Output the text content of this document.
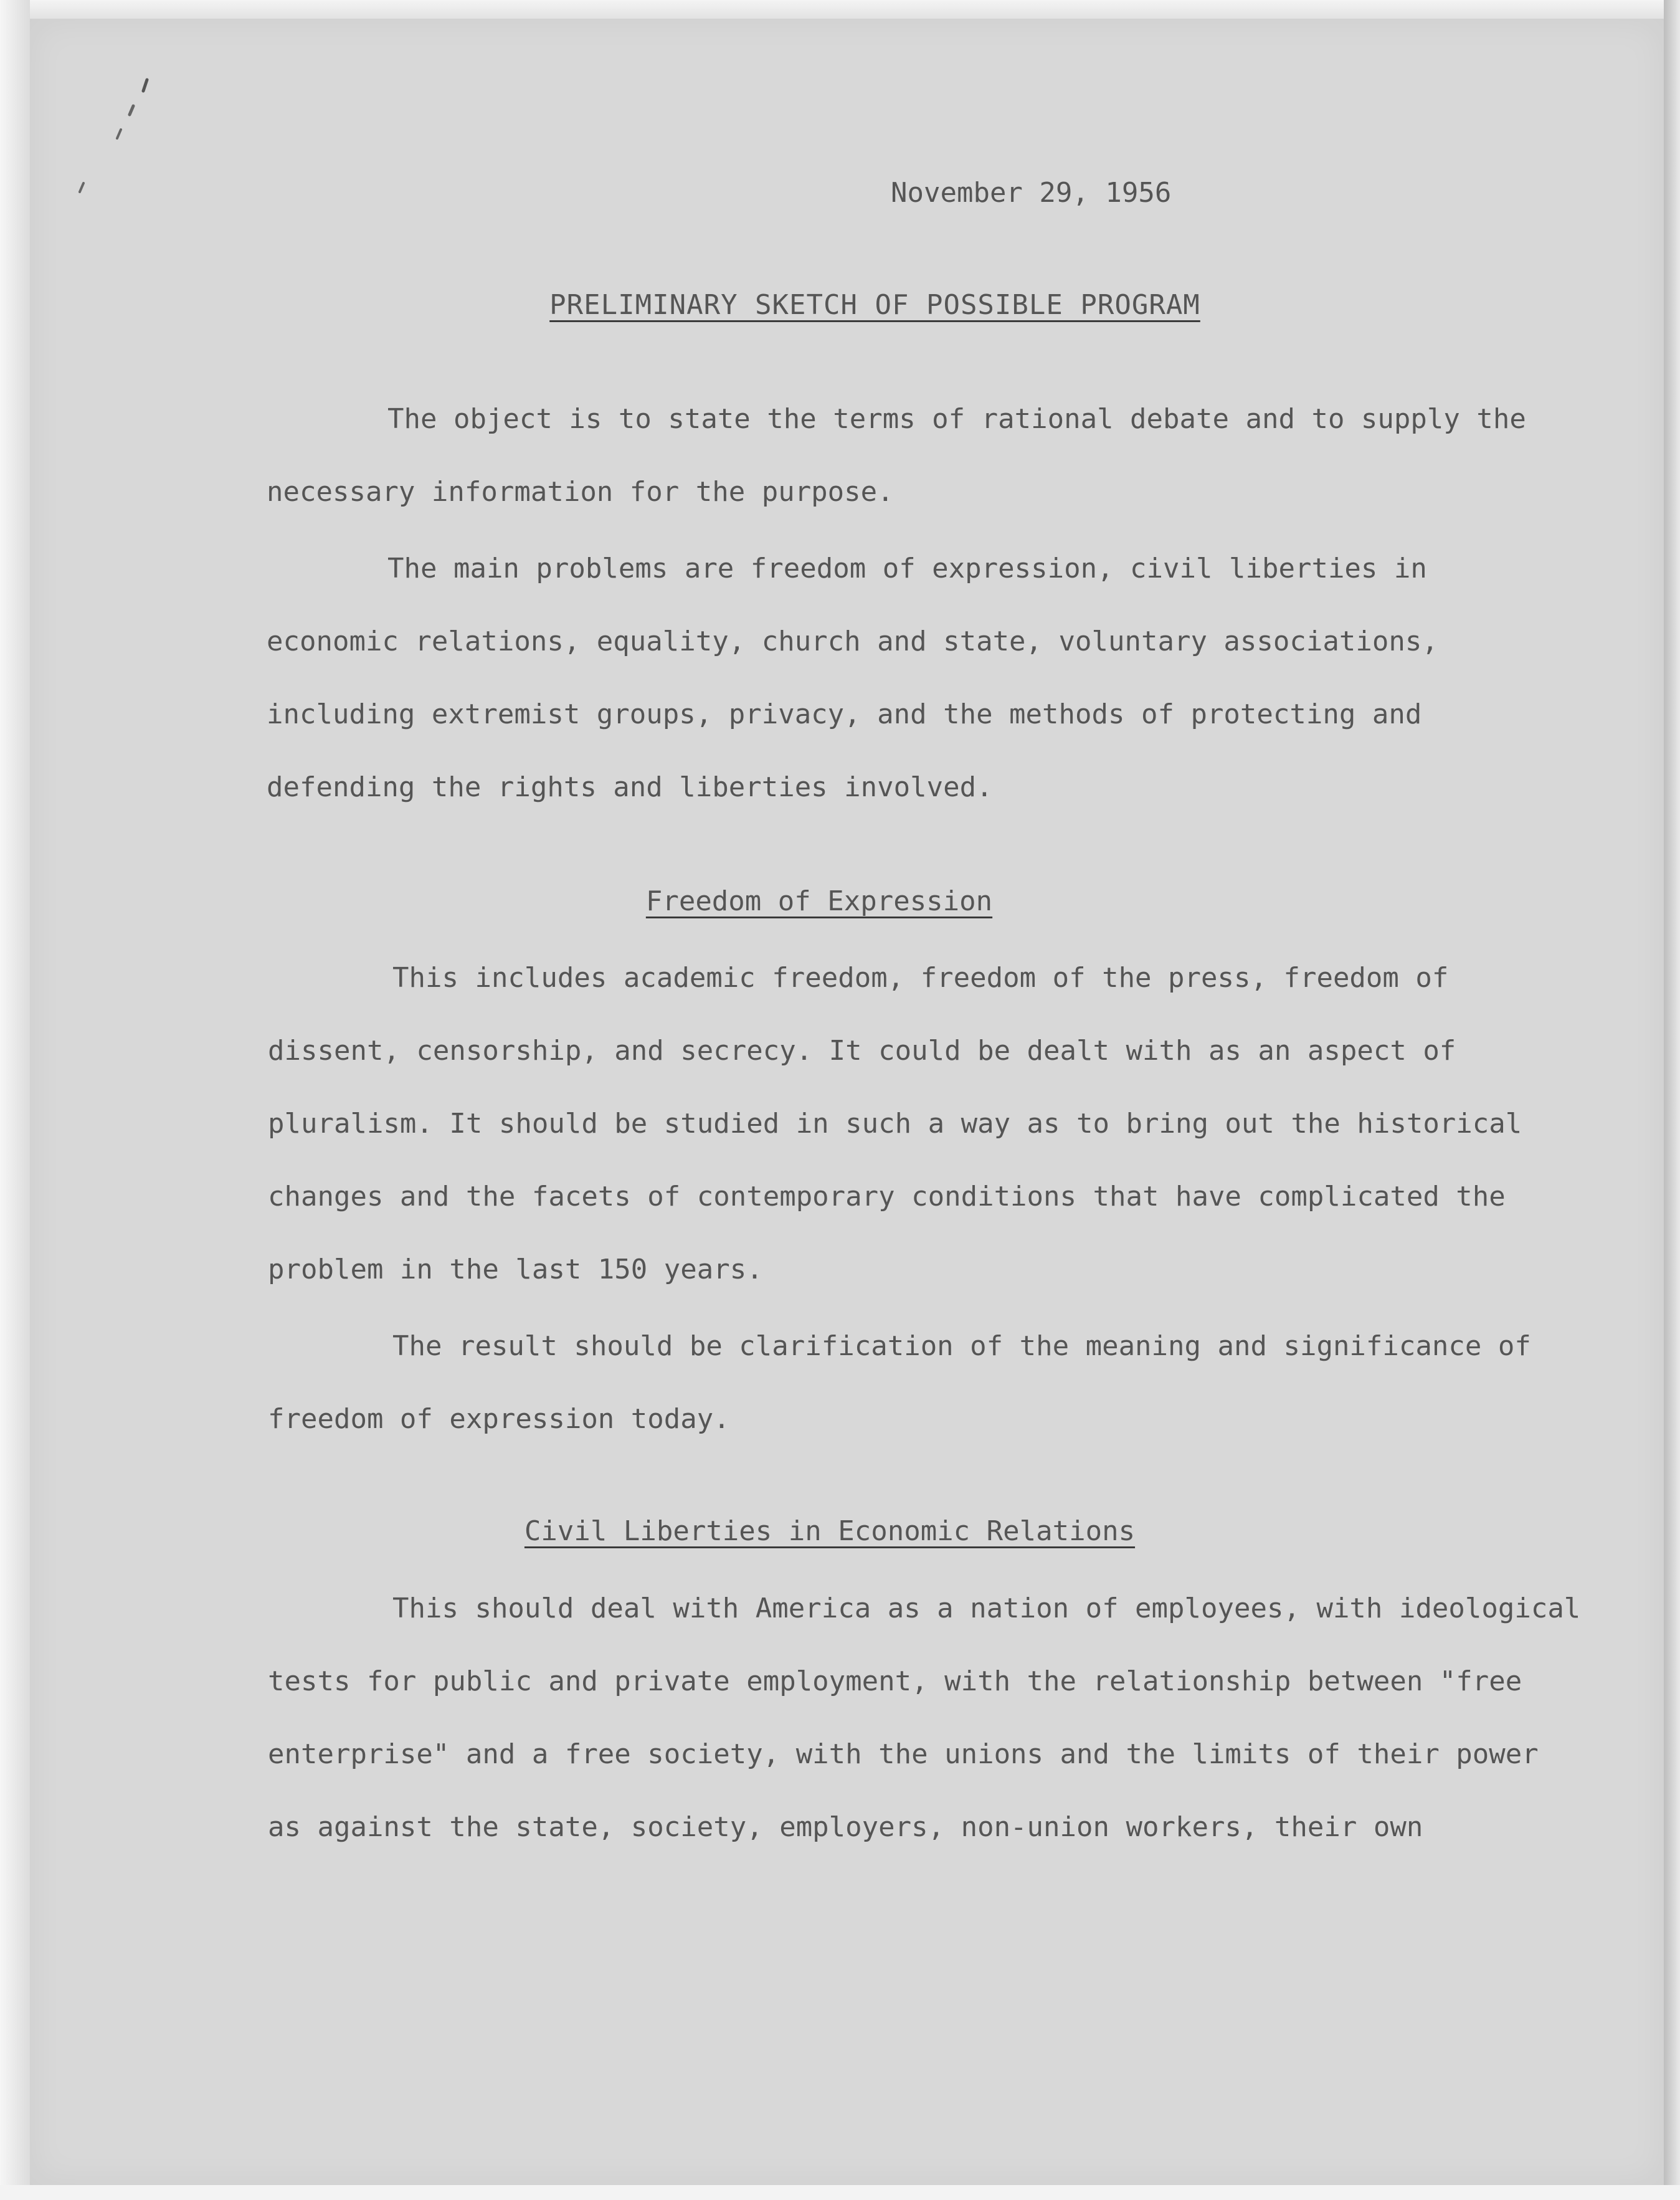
November 29, 1956
PRELIMINARY SKETCH OF POSSIBLE PROGRAM
The object is to state the terms of rational debate and to supply the
necessary information for the purpose.
The main problems are freedom of expression, civil liberties in
economic relations, equality, church and state, voluntary associations,
including extremist groups, privacy, and the methods of protecting and
defending the rights and liberties involved.
Freedom of Expression
This includes academic freedom, freedom of the press, freedom of
dissent, censorship, and secrecy. It could be dealt with as an aspect of
pluralism. It should be studied in such a way as to bring out the historical
changes and the facets of contemporary conditions that have complicated the
problem in the last 150 years.
The result should be clarification of the meaning and significance of
freedom of expression today.
Civil Liberties in Economic Relations
This should deal with America as a nation of employees, with ideological
tests for public and private employment, with the relationship between "free
enterprise" and a free society, with the unions and the limits of their power
as against the state, society, employers, non-union workers, their own
